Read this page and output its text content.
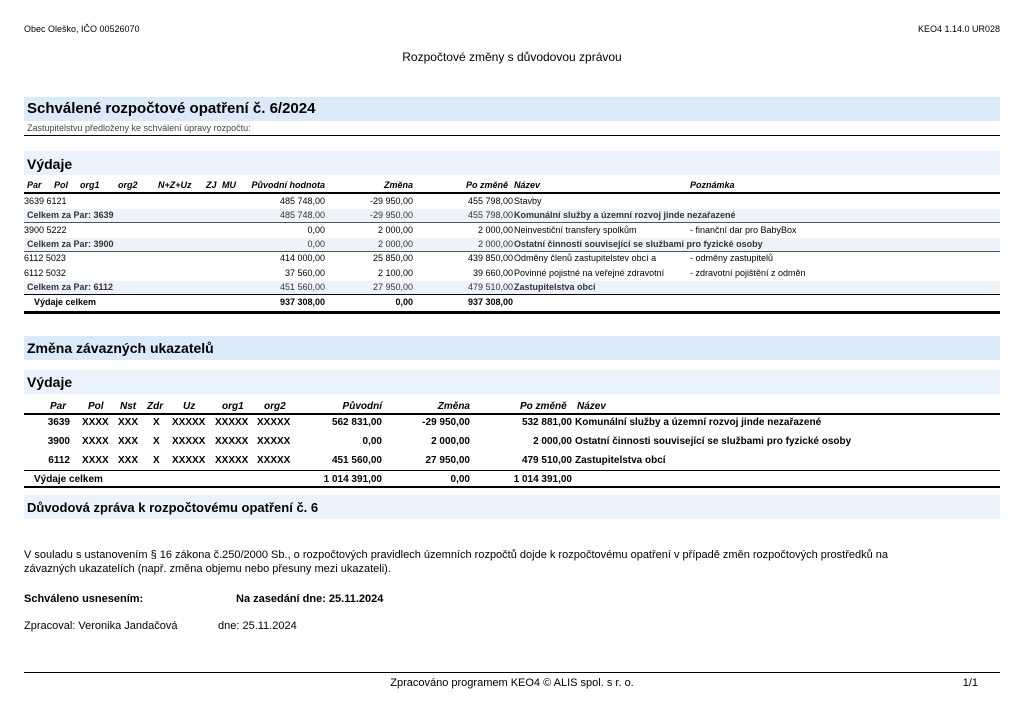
Obec Oleško, IČO 00526070	KEO4 1.14.0 UR028
Rozpočtové změny s důvodovou zprávou
Schválené rozpočtové opatření č. 6/2024
Zastupitelstvu předloženy ke schválení úpravy rozpočtu:
Výdaje
Par Pol org1 org2 N+Z+Uz ZJ MU	Původní hodnota	Změna	Po změně Název	Poznámka
3639 6121	485 748,00	-29 950,00	455 798,00 Stavby
Celkem za Par: 3639	485 748,00	-29 950,00	455 798,00 Komunální služby a územní rozvoj jinde nezařazené
3900 5222	0,00	2 000,00	2 000,00 Neinvestiční transfery spolkům	- finanční dar pro BabyBox
Celkem za Par: 3900	0,00	2 000,00	2 000,00 Ostatní činnosti související se službami pro fyzické osoby
6112 5023	414 000,00	25 850,00	439 850,00 Odměny členů zastupitelstev obcí a	- odměny zastupitelů
6112 5032	37 560,00	2 100,00	39 660,00 Povinné pojistné na veřejné zdravotní	- zdravotní pojištění z odměn
Celkem za Par: 6112	451 560,00	27 950,00	479 510,00 Zastupitelstva obcí
Výdaje celkem	937 308,00	0,00	937 308,00
Změna závazných ukazatelů
Výdaje
Par Pol Nst Zdr Uz	org1 org2	Původní	Změna	Po změně Název
3639 XXXX XXX X XXXXX XXXXX XXXXX	562 831,00	-29 950,00	532 881,00 Komunální služby a územní rozvoj jinde nezařazené
3900 XXXX XXX X XXXXX XXXXX XXXXX	0,00	2 000,00	2 000,00 Ostatní činnosti související se službami pro fyzické osoby
6112 XXXX XXX X XXXXX XXXXX XXXXX	451 560,00	27 950,00	479 510,00 Zastupitelstva obcí
Výdaje celkem	1 014 391,00	0,00	1 014 391,00
Důvodová zpráva k rozpočtovému opatření č. 6
V souladu s ustanovením § 16 zákona č.250/2000 Sb., o rozpočtových pravidlech územních rozpočtů dojde k rozpočtovému opatření v případě změn rozpočtových prostředků na
závazných ukazatelích (např. změna objemu nebo přesuny mezi ukazateli).
Schváleno usnesením:	Na zasedání dne: 25.11.2024
Zpracoval: Veronika Jandačová	dne: 25.11.2024
Zpracováno programem KEO4 © ALIS spol. s r. o.	1/1
